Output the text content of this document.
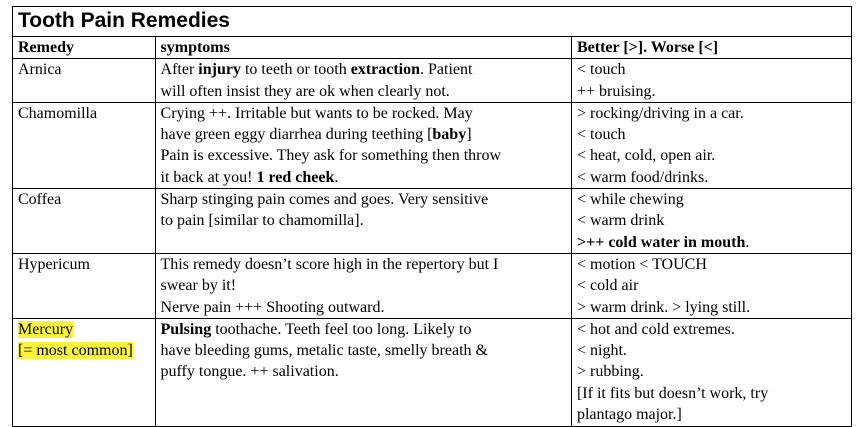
Tooth Pain Remedies		
Remedy	symptoms	Better [>]. Worse [<]

Arnica	After injury to teeth or tooth extraction. Patient
will often insist they are ok when clearly not.	< touch
++ bruising.

Chamomilla	Crying ++. Irritable but wants to be rocked. May
have green eggy diarrhea during teething [baby]
Pain is excessive. They ask for something then throw
it back at you! 1 red cheek.	> rocking/driving in a car.
< touch
< heat, cold, open air.
< warm food/drinks.

Coffea	Sharp stinging pain comes and goes. Very sensitive
to pain [similar to chamomilla].	< while chewing
< warm drink
>++ cold water in mouth.

Hypericum	This remedy doesn’t score high in the repertory but I
swear by it!
Nerve pain +++ Shooting outward.	< motion < TOUCH
< cold air
> warm drink. > lying still.

Mercury
[= most common]	Pulsing toothache. Teeth feel too long. Likely to
have bleeding gums, metalic taste, smelly breath &
puffy tongue. ++ salivation.	< hot and cold extremes.
< night.
> rubbing.
[If it fits but doesn’t work, try
plantago major.]
